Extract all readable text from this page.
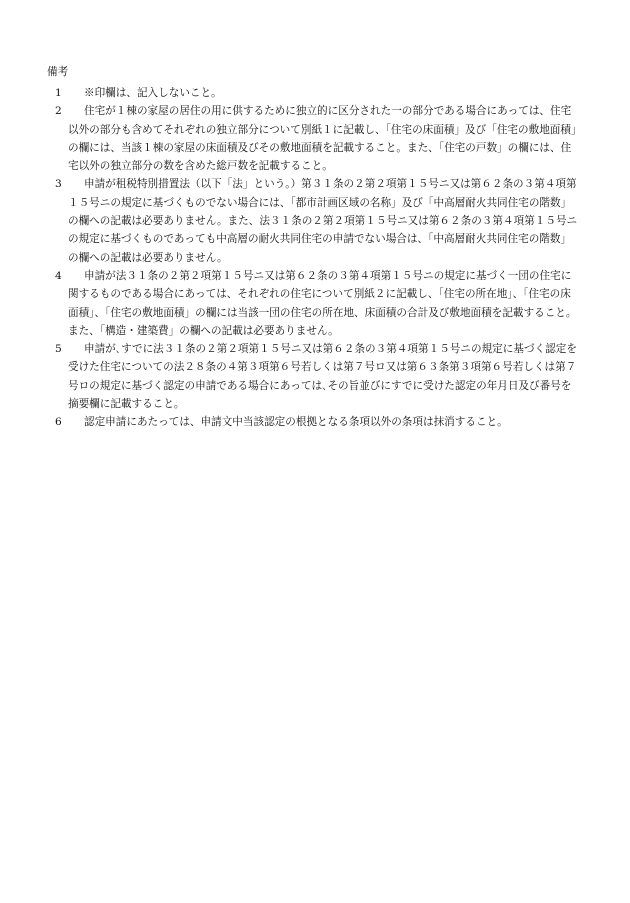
備考
1 ※印欄は、記入しないこと。
2 住宅が１棟の家屋の居住の用に供するために独立的に区分された一の部分である場合にあっては、住宅以外の部分も含めてそれぞれの独立部分について別紙１に記載し、「住宅の床面積」及び「住宅の敷地面積」の欄には、当該１棟の家屋の床面積及びその敷地面積を記載すること。また、「住宅の戸数」の欄には、住宅以外の独立部分の数を含めた総戸数を記載すること。
3 申請が租税特別措置法（以下「法」という。）第３１条の２第２項第１５号ニ又は第６２条の３第４項第１５号ニの規定に基づくものでない場合には、「都市計画区域の名称」及び「中高層耐火共同住宅の階数」の欄への記載は必要ありません。また、法３１条の２第２項第１５号ニ又は第６２条の３第４項第１５号ニの規定に基づくものであっても中高層の耐火共同住宅の申請でない場合は、「中高層耐火共同住宅の階数」の欄への記載は必要ありません。
4 申請が法３１条の２第２項第１５号ニ又は第６２条の３第４項第１５号ニの規定に基づく一団の住宅に関するものである場合にあっては、それぞれの住宅について別紙２に記載し、「住宅の所在地」、「住宅の床面積」、「住宅の敷地面積」の欄には当該一団の住宅の所在地、床面積の合計及び敷地面積を記載すること。また、「構造・建築費」の欄への記載は必要ありません。
5 申請が､すでに法３１条の２第２項第１５号ニ又は第６２条の３第４項第１５号ニの規定に基づく認定を受けた住宅についての法２８条の４第３項第６号若しくは第７号ロ又は第６３条第３項第６号若しくは第７号ロの規定に基づく認定の申請である場合にあっては､その旨並びにすでに受けた認定の年月日及び番号を摘要欄に記載すること。
6 認定申請にあたっては、申請文中当該認定の根拠となる条項以外の条項は抹消すること。
